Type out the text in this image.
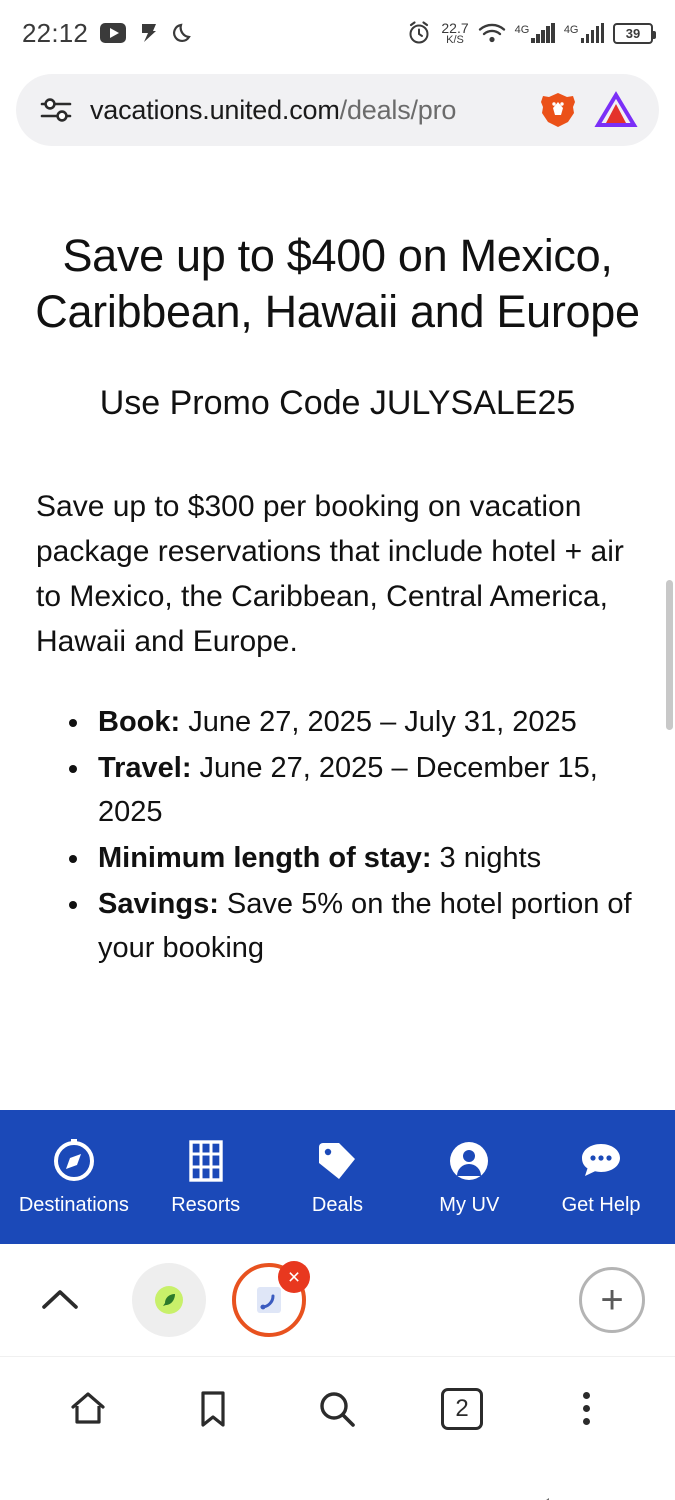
22:12	22.7
K/S
4G	4G	39
vacations.united.com/deals/pro
Save up to $400 on Mexico, Caribbean, Hawaii and Europe
Use Promo Code JULYSALE25

Save up to $300 per booking on vacation package reservations that include hotel + air to Mexico, the Caribbean, Central America, Hawaii and Europe.

• Book: June 27, 2025 – July 31, 2025
• Travel: June 27, 2025 – December 15, 2025
• Minimum length of stay: 3 nights
• Savings: Save 5% on the hotel portion of your booking
Destinations Resorts	Deals	My UV	Get Help
×
+
2
